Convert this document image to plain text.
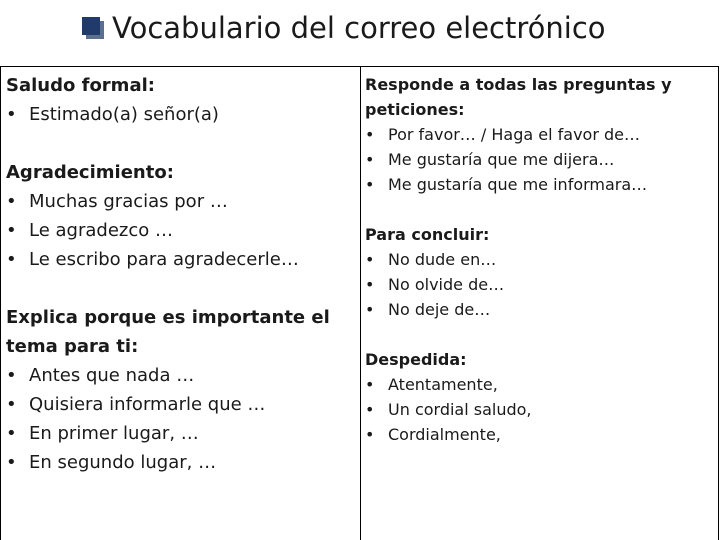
Vocabulario del correo electrónico
Saludo formal:
• Estimado(a) señor(a)
Agradecimiento:
• Muchas gracias por …
• Le agradezco …
• Le escribo para agradecerle…
Explica porque es importante el tema para ti:
• Antes que nada …
• Quisiera informarle que …
• En primer lugar, …
• En segundo lugar, …
Responde a todas las preguntas y peticiones:
• Por favor… / Haga el favor de…
• Me gustaría que me dijera…
• Me gustaría que me informara…
Para concluir:
• No dude en…
• No olvide de…
• No deje de…
Despedida:
• Atentamente,
• Un cordial saludo,
• Cordialmente,
